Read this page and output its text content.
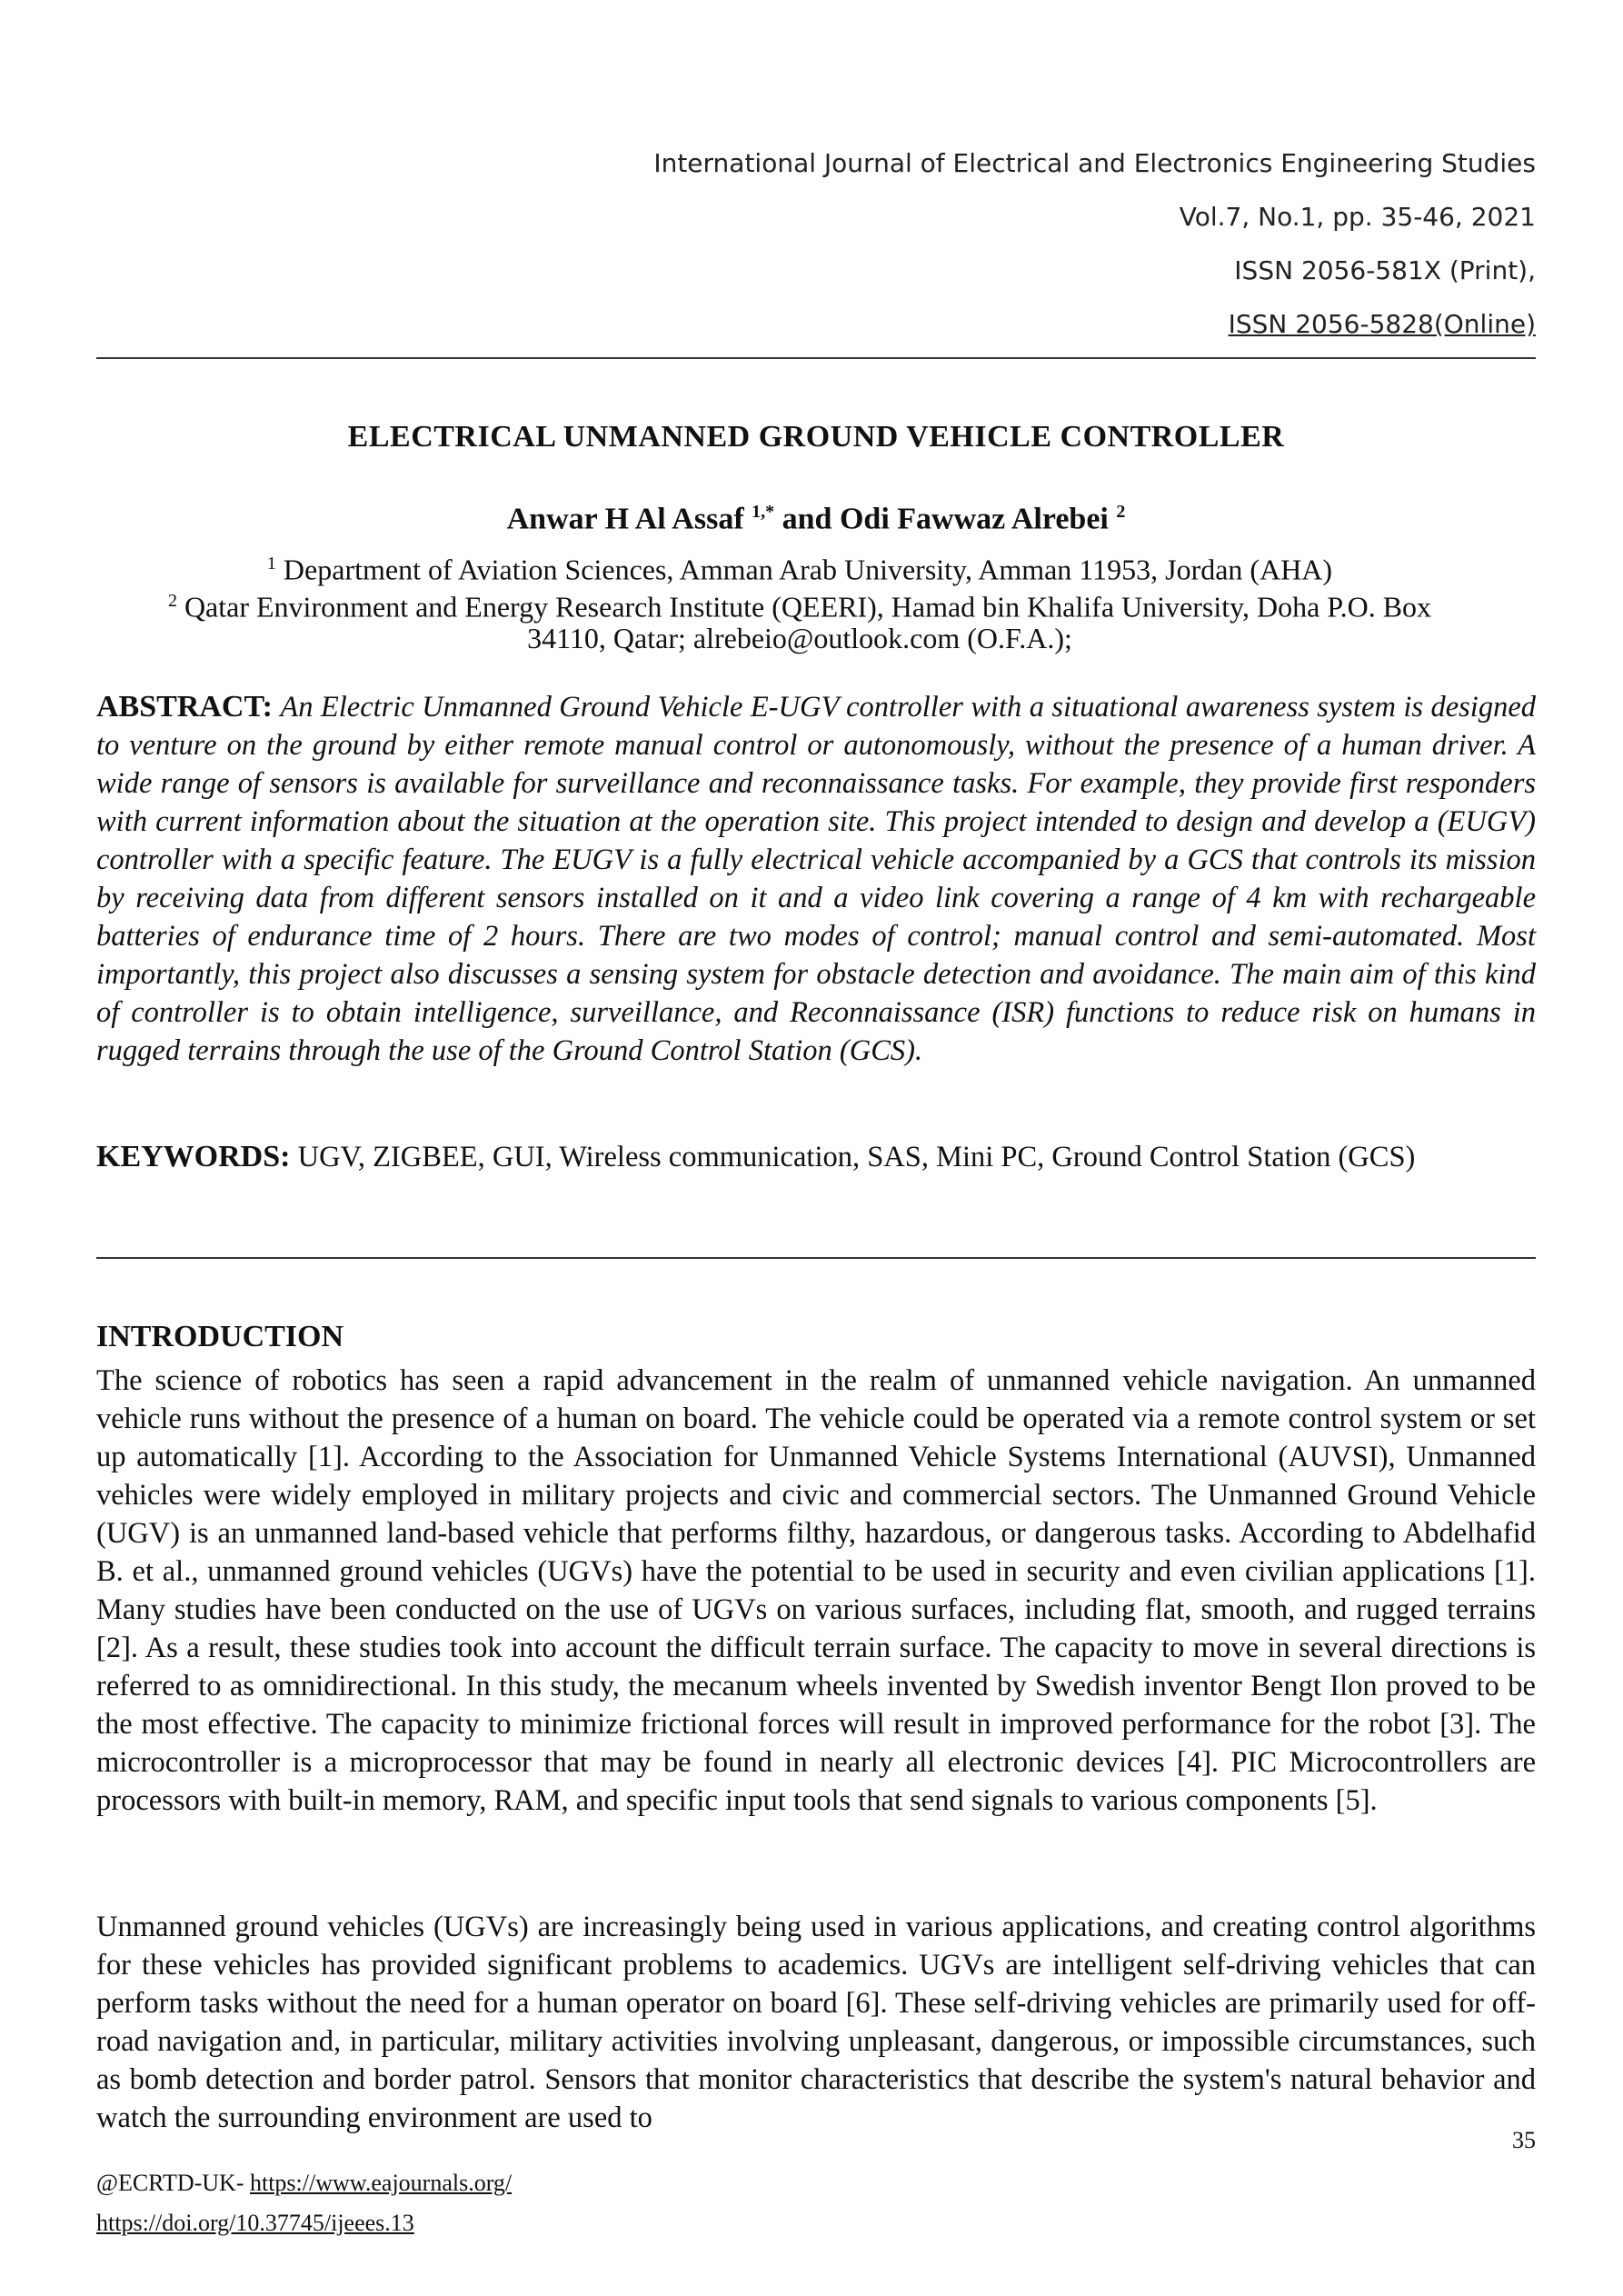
International Journal of Electrical and Electronics Engineering Studies
Vol.7, No.1, pp. 35-46, 2021
ISSN 2056-581X (Print),
ISSN 2056-5828(Online)
ELECTRICAL UNMANNED GROUND VEHICLE CONTROLLER
Anwar H Al Assaf $^{1,*}$ and Odi Fawwaz Alrebei $^2$
$^1$ Department of Aviation Sciences, Amman Arab University, Amman 11953, Jordan (AHA)
$^2$ Qatar Environment and Energy Research Institute (QEERI), Hamad bin Khalifa University, Doha P.O. Box
34110, Qatar; alrebeio@outlook.com (O.F.A.);
ABSTRACT: An Electric Unmanned Ground Vehicle E-UGV controller with a situational awareness system is designed to venture on the ground by either remote manual control or autonomously, without the presence of a human driver. A wide range of sensors is available for surveillance and reconnaissance tasks. For example, they provide first responders with current information about the situation at the operation site. This project intended to design and develop a (EUGV) controller with a specific feature. The EUGV is a fully electrical vehicle accompanied by a GCS that controls its mission by receiving data from different sensors installed on it and a video link covering a range of 4 km with rechargeable batteries of endurance time of 2 hours. There are two modes of control; manual control and semi-automated. Most importantly, this project also discusses a sensing system for obstacle detection and avoidance. The main aim of this kind of controller is to obtain intelligence, surveillance, and Reconnaissance (ISR) functions to reduce risk on humans in rugged terrains through the use of the Ground Control Station (GCS).
KEYWORDS: UGV, ZIGBEE, GUI, Wireless communication, SAS, Mini PC, Ground Control Station (GCS)
INTRODUCTION
The science of robotics has seen a rapid advancement in the realm of unmanned vehicle navigation. An unmanned vehicle runs without the presence of a human on board. The vehicle could be operated via a remote control system or set up automatically [1]. According to the Association for Unmanned Vehicle Systems International (AUVSI), Unmanned vehicles were widely employed in military projects and civic and commercial sectors. The Unmanned Ground Vehicle (UGV) is an unmanned land-based vehicle that performs filthy, hazardous, or dangerous tasks. According to Abdelhafid B. et al., unmanned ground vehicles (UGVs) have the potential to be used in security and even civilian applications [1]. Many studies have been conducted on the use of UGVs on various surfaces, including flat, smooth, and rugged terrains [2]. As a result, these studies took into account the difficult terrain surface. The capacity to move in several directions is referred to as omnidirectional. In this study, the mecanum wheels invented by Swedish inventor Bengt Ilon proved to be the most effective. The capacity to minimize frictional forces will result in improved performance for the robot [3]. The microcontroller is a microprocessor that may be found in nearly all electronic devices [4]. PIC Microcontrollers are processors with built-in memory, RAM, and specific input tools that send signals to various components [5].
Unmanned ground vehicles (UGVs) are increasingly being used in various applications, and creating control algorithms for these vehicles has provided significant problems to academics. UGVs are intelligent self-driving vehicles that can perform tasks without the need for a human operator on board [6]. These self-driving vehicles are primarily used for off-road navigation and, in particular, military activities involving unpleasant, dangerous, or impossible circumstances, such as bomb detection and border patrol. Sensors that monitor characteristics that describe the system's natural behavior and watch the surrounding environment are used to
35
@ECRTD-UK- https://www.eajournals.org/
https://doi.org/10.37745/ijeees.13
